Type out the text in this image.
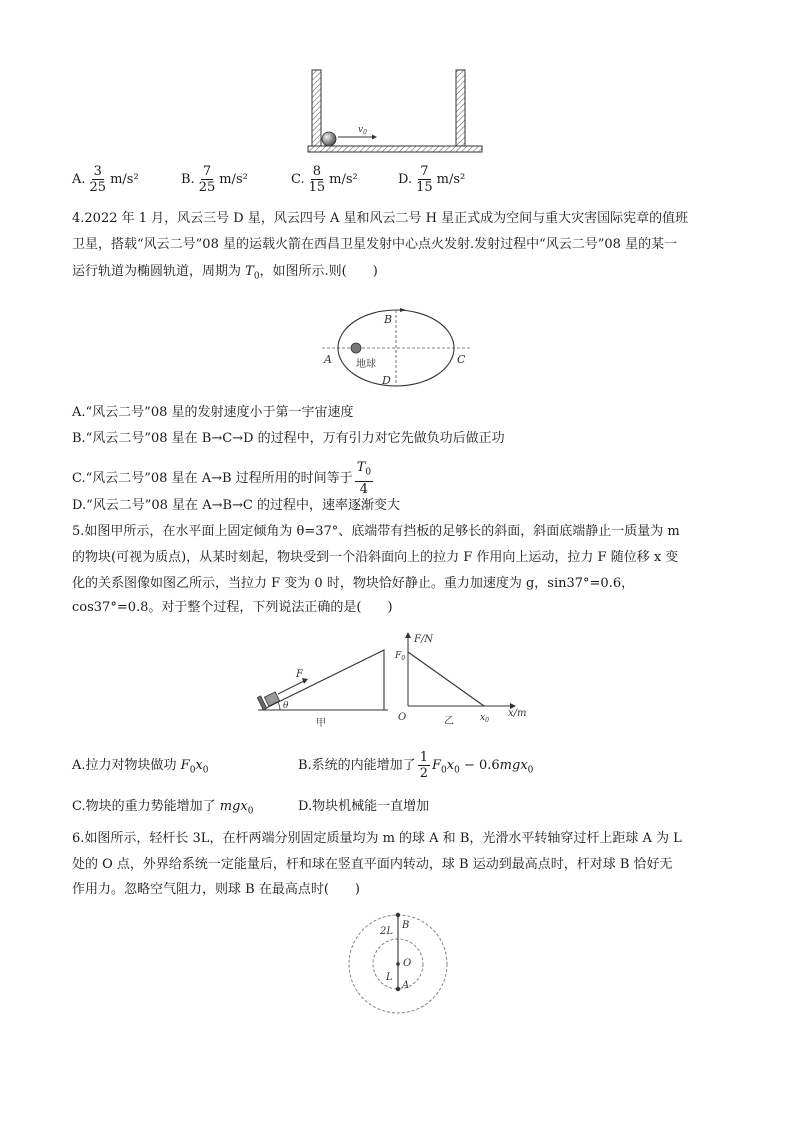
$v_0$
A. $\frac{3}{25} m/s^2$	B. $\frac{7}{25} m/s^2$	C. $\frac{8}{15} m/s^2$	D. $\frac{7}{15} m/s^2$
4.2022 年 1 月，风云三号 D 星，风云四号 A 星和风云二号 H 星正式成为空间与重大灾害国际宪章的值班
卫星，搭载“风云二号”08 星的运载火箭在西昌卫星发射中心点火发射.发射过程中“风云二号”08 星的某一
运行轨道为椭圆轨道，周期为 $T_0$，如图所示.则(　　)
A
B
C
D
地球
A.“风云二号”08 星的发射速度小于第一宇宙速度
B.“风云二号”08 星在 B→C→D 的过程中，万有引力对它先做负功后做正功
C.“风云二号”08 星在 A→B 过程所用的时间等于 $\frac{T_0}{4}$
D.“风云二号”08 星在 A→B→C 的过程中，速率逐渐变大
5.如图甲所示，在水平面上固定倾角为 θ=37°、底端带有挡板的足够长的斜面，斜面底端静止一质量为 m
的物块(可视为质点)，从某时刻起，物块受到一个沿斜面向上的拉力 F 作用向上运动，拉力 F 随位移 x 变
化的关系图像如图乙所示，当拉力 F 变为 0 时，物块恰好静止。重力加速度为 g，sin37°=0.6，
cos37°=0.8。对于整个过程，下列说法正确的是(　　)
F
θ
甲
F/N
x/m
$F_0$
O	$x_0$
乙
A.拉力对物块做功 $F_0x_0$	B.系统的内能增加了 $\frac{1}{2} F_0x_0 - 0.6mgx_0$
C.物块的重力势能增加了 mgx$_0$	D.物块机械能一直增加
6.如图所示，轻杆长 3L，在杆两端分别固定质量均为 m 的球 A 和 B，光滑水平转轴穿过杆上距球 A 为 L
处的 O 点，外界给系统一定能量后，杆和球在竖直平面内转动，球 B 运动到最高点时，杆对球 B 恰好无
作用力。忽略空气阻力，则球 B 在最高点时(　　)
B
2L
O
L
A
